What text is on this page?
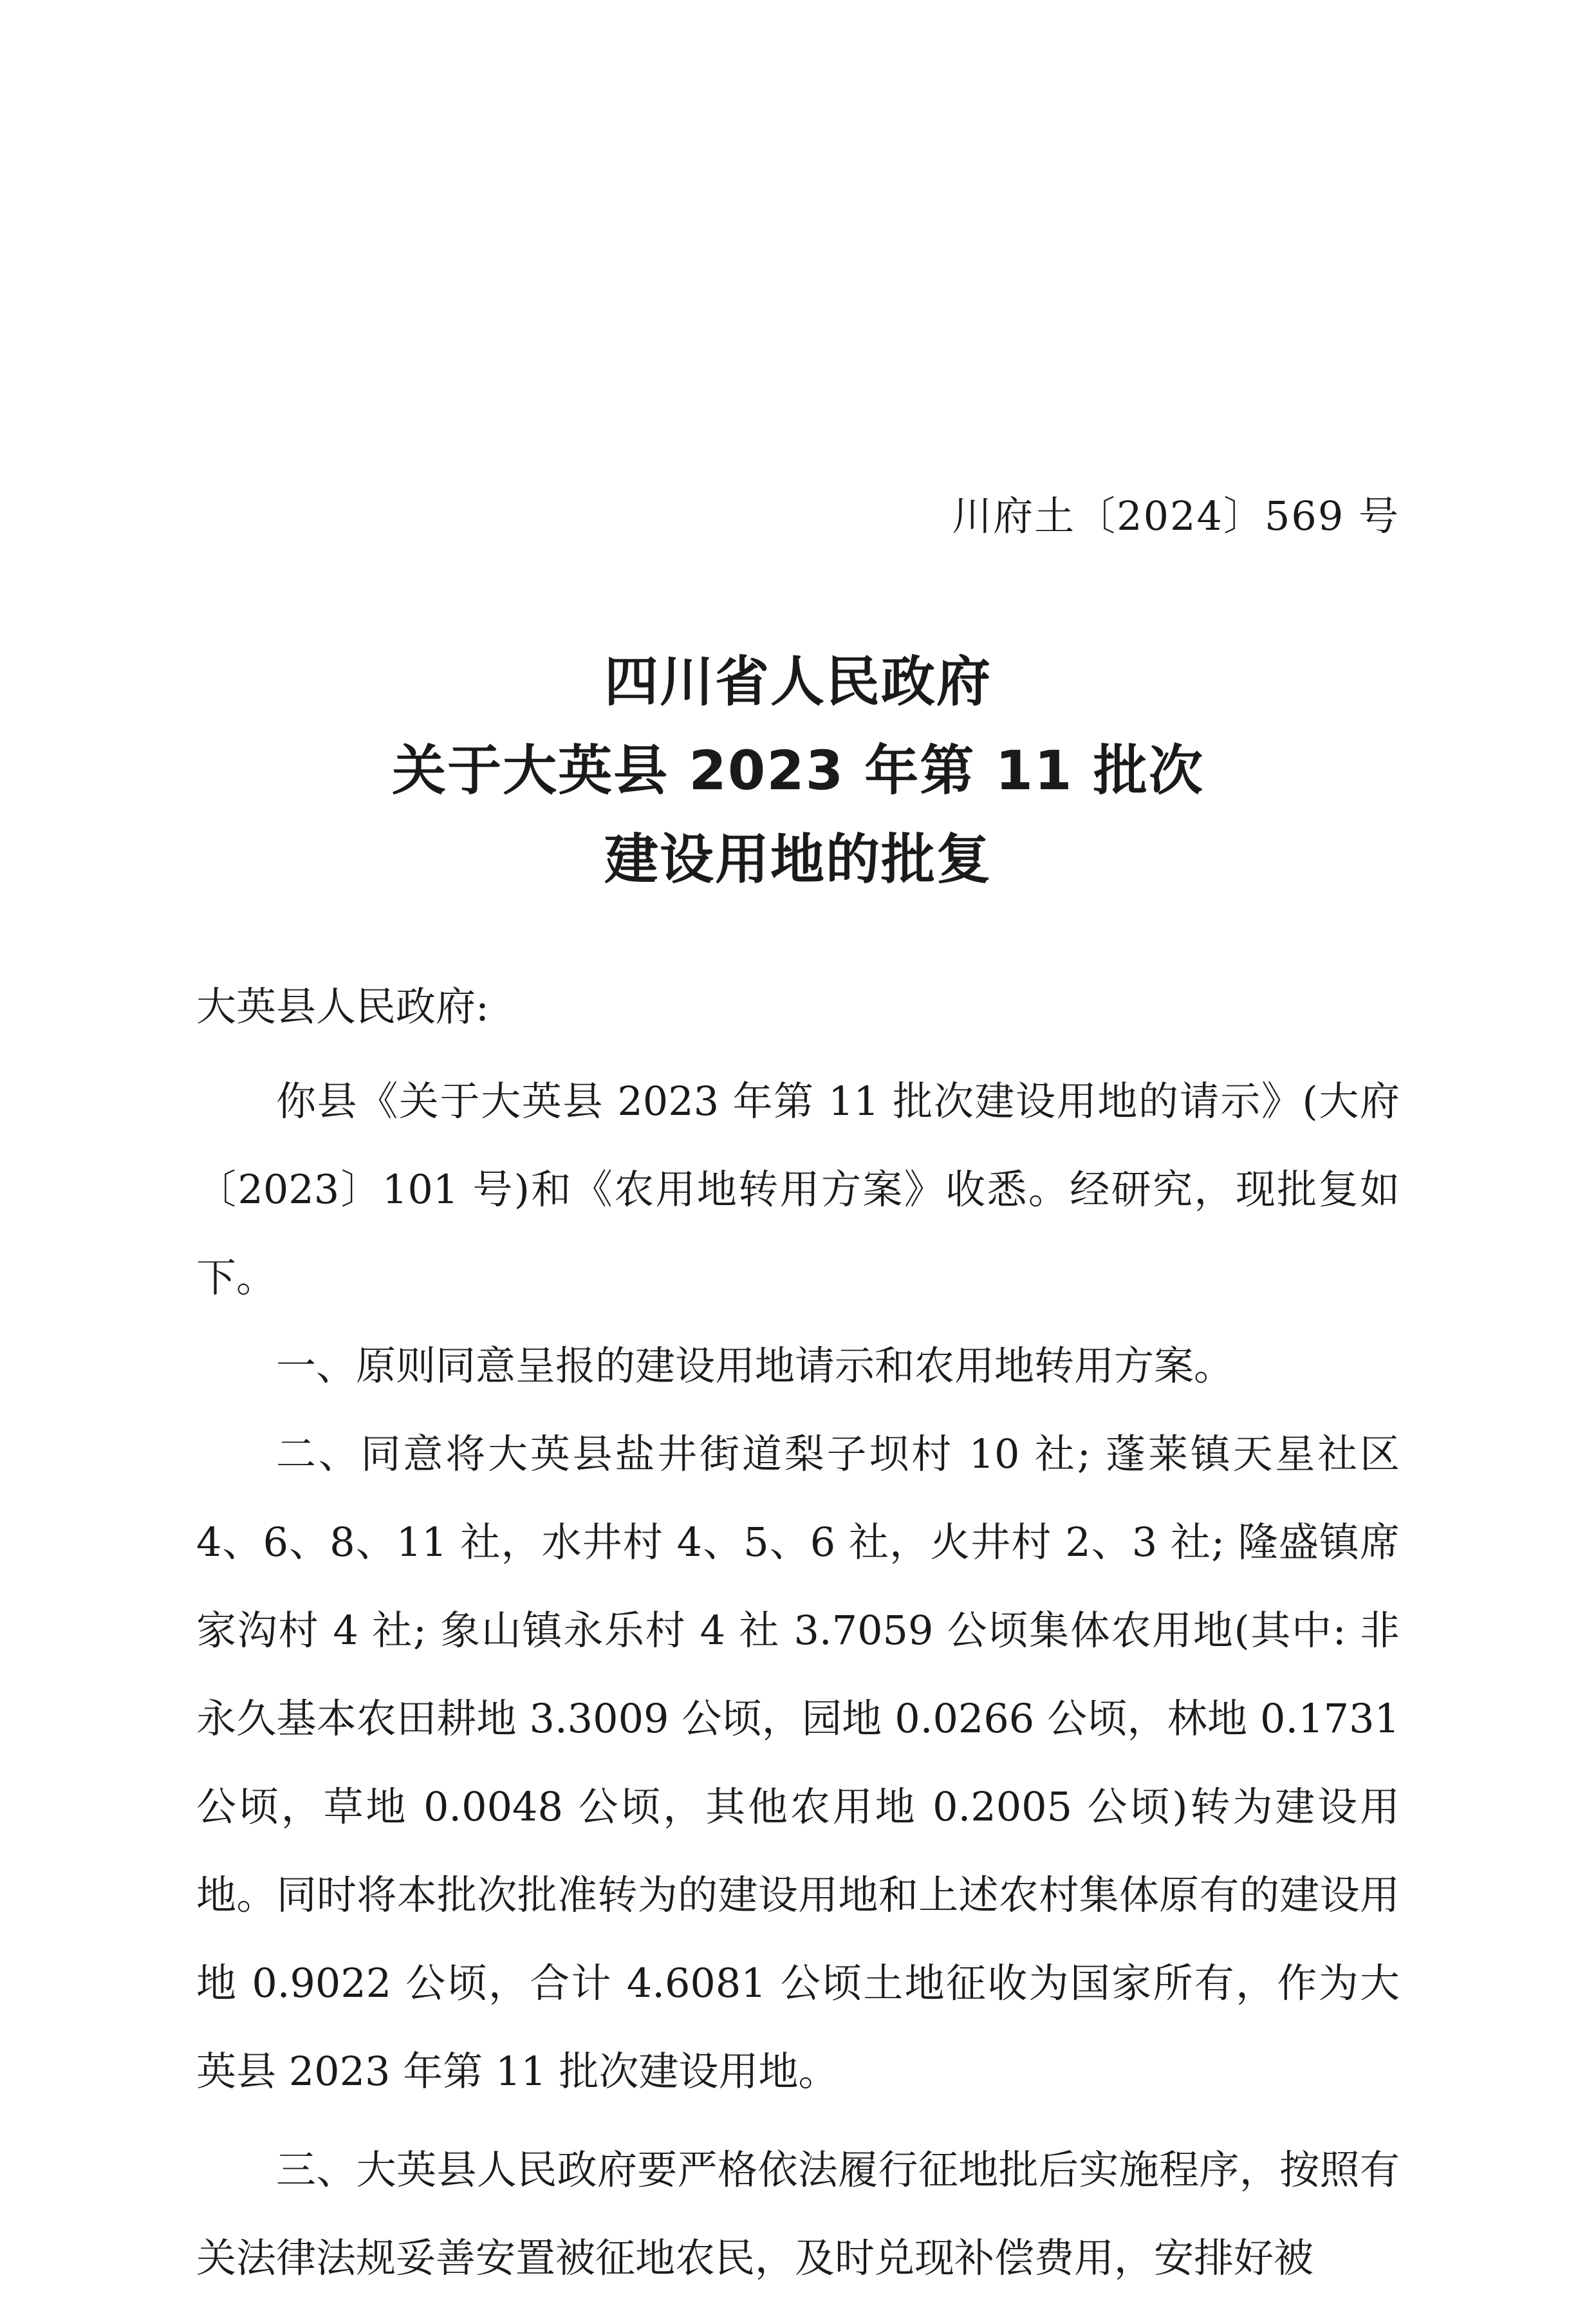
川府土〔2024〕569 号
四川省人民政府
关于大英县 2023 年第 11 批次
建设用地的批复
大英县人民政府:

你县《关于大英县 2023 年第 11 批次建设用地的请示》(大府〔2023〕101 号)和《农用地转用方案》收悉。经研究，现批复如下。

一、原则同意呈报的建设用地请示和农用地转用方案。

二、同意将大英县盐井街道梨子坝村 10 社; 蓬莱镇天星社区 4、6、8、11 社，水井村 4、5、6 社，火井村 2、3 社; 隆盛镇席家沟村 4 社; 象山镇永乐村 4 社 3.7059 公顷集体农用地(其中: 非永久基本农田耕地 3.3009 公顷，园地 0.0266 公顷，林地 0.1731 公顷，草地 0.0048 公顷，其他农用地 0.2005 公顷)转为建设用地。同时将本批次批准转为的建设用地和上述农村集体原有的建设用地 0.9022 公顷，合计 4.6081 公顷土地征收为国家所有，作为大英县 2023 年第 11 批次建设用地。

三、大英县人民政府要严格依法履行征地批后实施程序，按照有关法律法规妥善安置被征地农民，及时兑现补偿费用，安排好被
